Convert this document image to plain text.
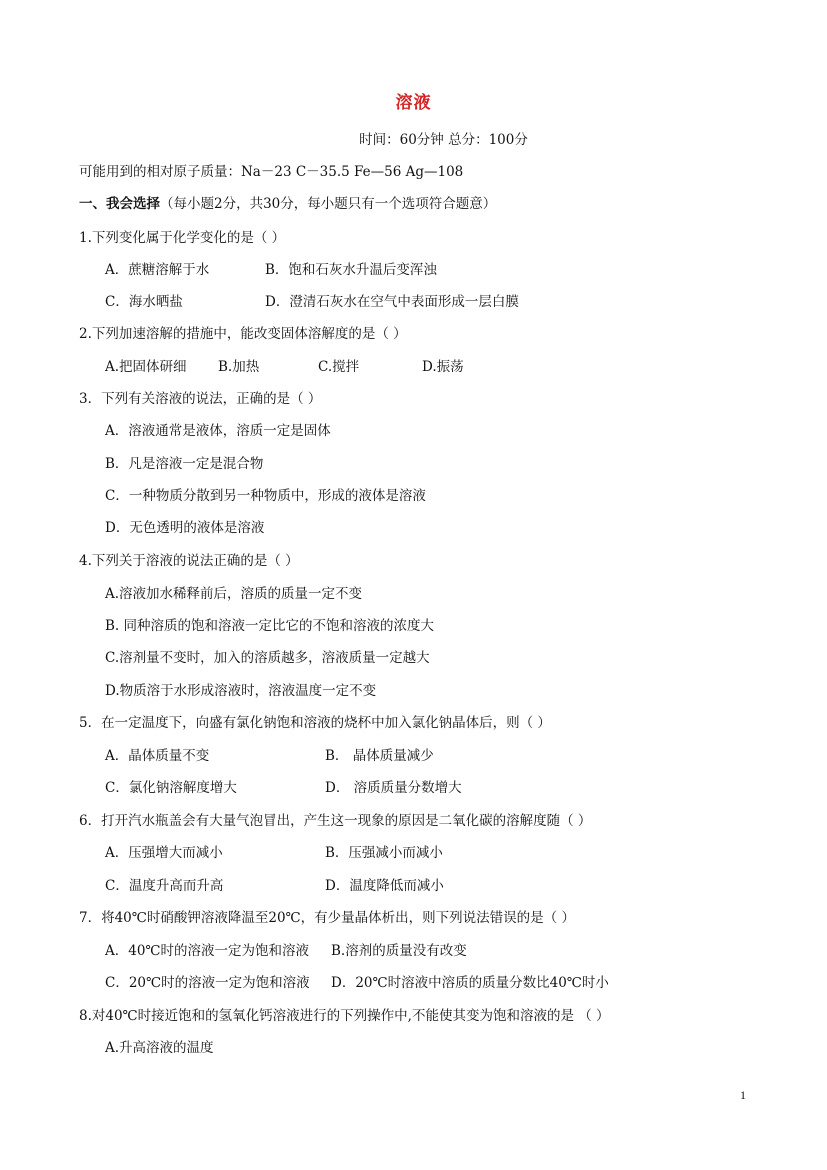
溶液
时间：60分钟 总分：100分
可能用到的相对原子质量：Na－23 C－35.5 Fe—56 Ag—108
一、我会选择（每小题2分，共30分，每小题只有一个选项符合题意）
1.下列变化属于化学变化的是（ ）
A．蔗糖溶解于水	B．饱和石灰水升温后变浑浊
C．海水晒盐	D．澄清石灰水在空气中表面形成一层白膜
2.下列加速溶解的措施中，能改变固体溶解度的是（ ）
A.把固体研细 B.加热	C.搅拌	D.振荡
3．下列有关溶液的说法，正确的是（ ）
A．溶液通常是液体，溶质一定是固体
B．凡是溶液一定是混合物
C．一种物质分散到另一种物质中，形成的液体是溶液
D．无色透明的液体是溶液
4.下列关于溶液的说法正确的是（ ）
A.溶液加水稀释前后，溶质的质量一定不变
B. 同种溶质的饱和溶液一定比它的不饱和溶液的浓度大
C.溶剂量不变时，加入的溶质越多，溶液质量一定越大
D.物质溶于水形成溶液时，溶液温度一定不变
5．在一定温度下，向盛有氯化钠饱和溶液的烧杯中加入氯化钠晶体后，则（ ）
A．晶体质量不变	B． 晶体质量减少
C．氯化钠溶解度增大	D． 溶质质量分数增大
6．打开汽水瓶盖会有大量气泡冒出，产生这一现象的原因是二氧化碳的溶解度随（ ）
A．压强增大而减小	B．压强减小而减小
C．温度升高而升高	D．温度降低而减小
7．将40℃时硝酸钾溶液降温至20℃，有少量晶体析出，则下列说法错误的是（ ）
A．40℃时的溶液一定为饱和溶液 B.溶剂的质量没有改变
C．20℃时的溶液一定为饱和溶液 D．20℃时溶液中溶质的质量分数比40℃时小
8.对40℃时接近饱和的氢氧化钙溶液进行的下列操作中,不能使其变为饱和溶液的是 （ ）
A.升高溶液的温度
1
